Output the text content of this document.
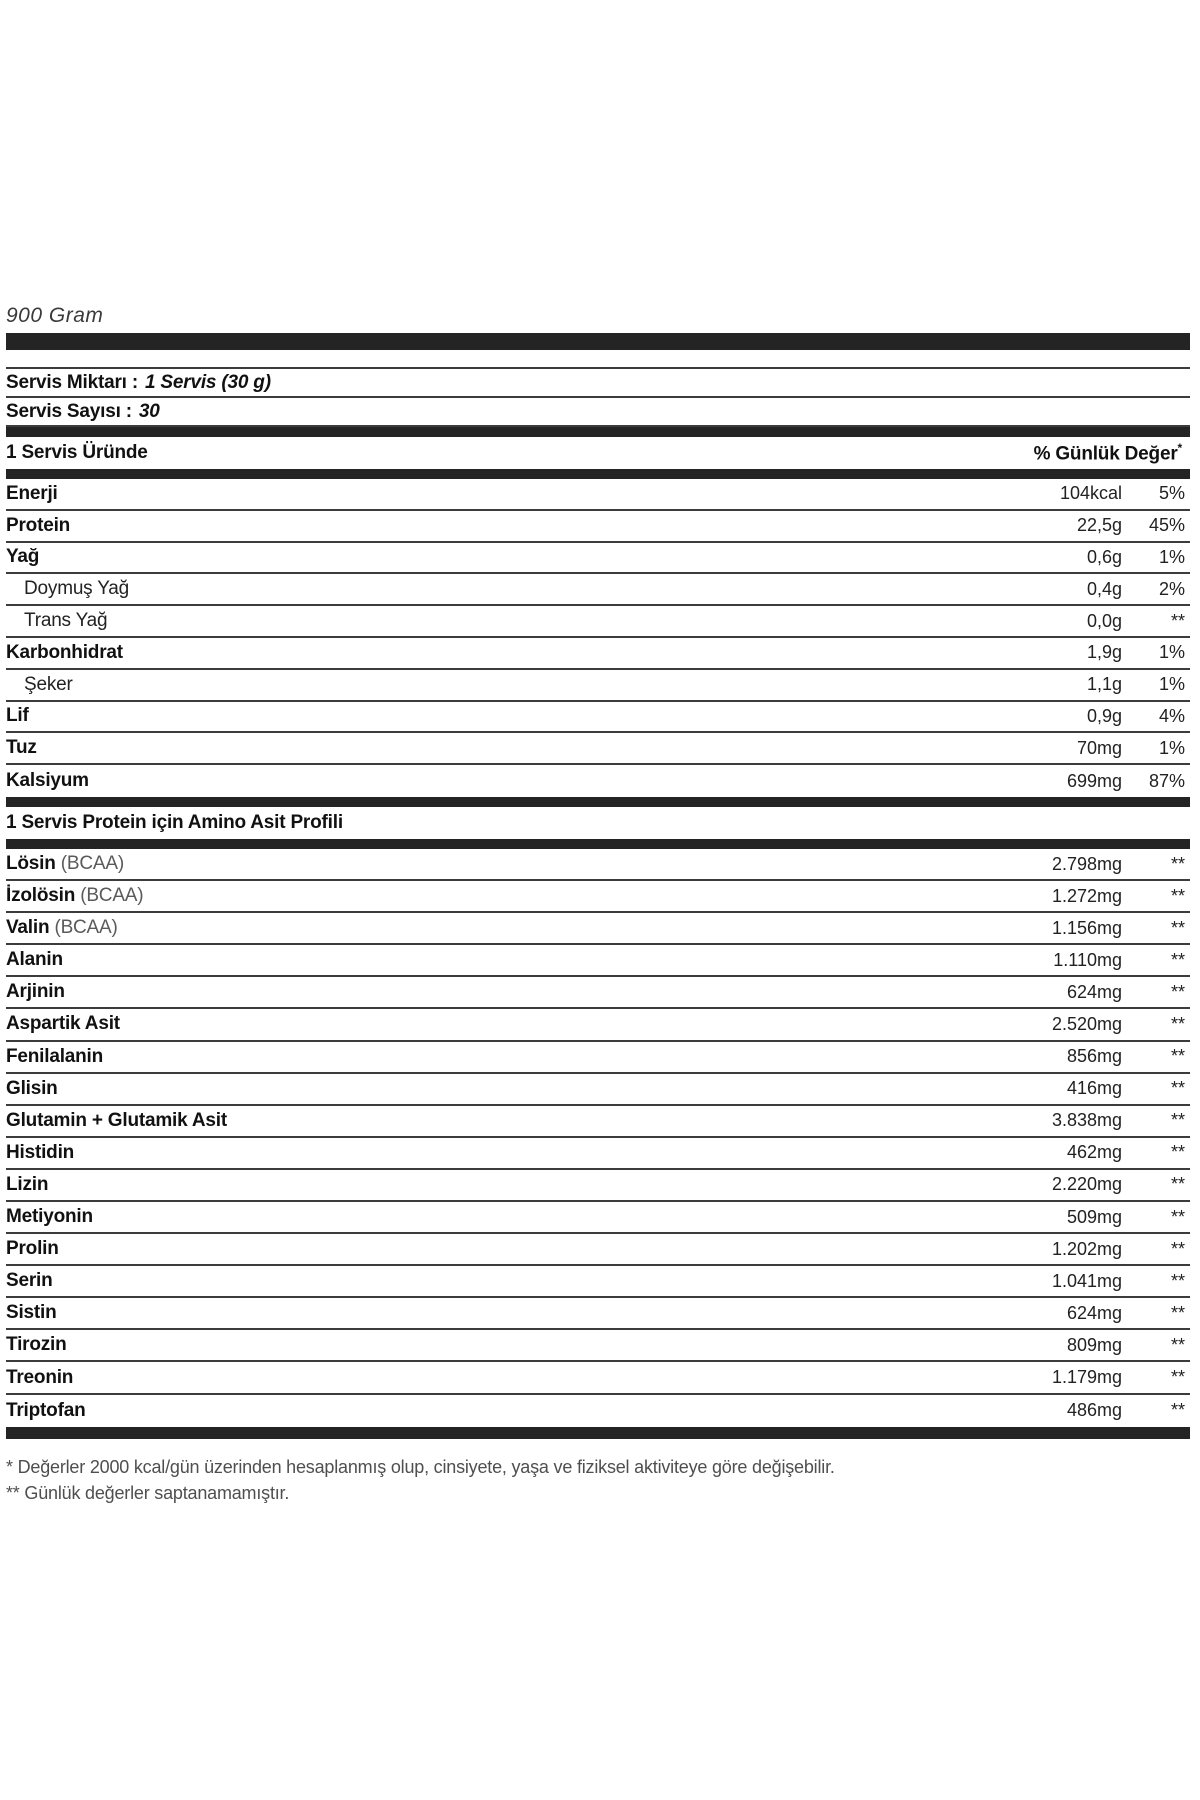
900 Gram
Servis Miktarı : 1 Servis (30 g)
Servis Sayısı : 30
1 Servis Üründe	% Günlük Değer*
Enerji	104kcal	5%
Protein	22,5g	45%
Yağ	0,6g	1%
Doymuş Yağ	0,4g	2%
Trans Yağ	0,0g	**
Karbonhidrat	1,9g	1%
Şeker	1,1g	1%
Lif	0,9g	4%
Tuz	70mg	1%
Kalsiyum	699mg	87%
1 Servis Protein için Amino Asit Profili
Lösin (BCAA)	2.798mg	**
İzolösin (BCAA)	1.272mg	**
Valin (BCAA)	1.156mg	**
Alanin	1.110mg	**
Arjinin	624mg	**
Aspartik Asit	2.520mg	**
Fenilalanin	856mg	**
Glisin	416mg	**
Glutamin + Glutamik Asit	3.838mg	**
Histidin	462mg	**
Lizin	2.220mg	**
Metiyonin	509mg	**
Prolin	1.202mg	**
Serin	1.041mg	**
Sistin	624mg	**
Tirozin	809mg	**
Treonin	1.179mg	**
Triptofan	486mg	**
* Değerler 2000 kcal/gün üzerinden hesaplanmış olup, cinsiyete, yaşa ve fiziksel aktiviteye göre değişebilir.
** Günlük değerler saptanamamıştır.
